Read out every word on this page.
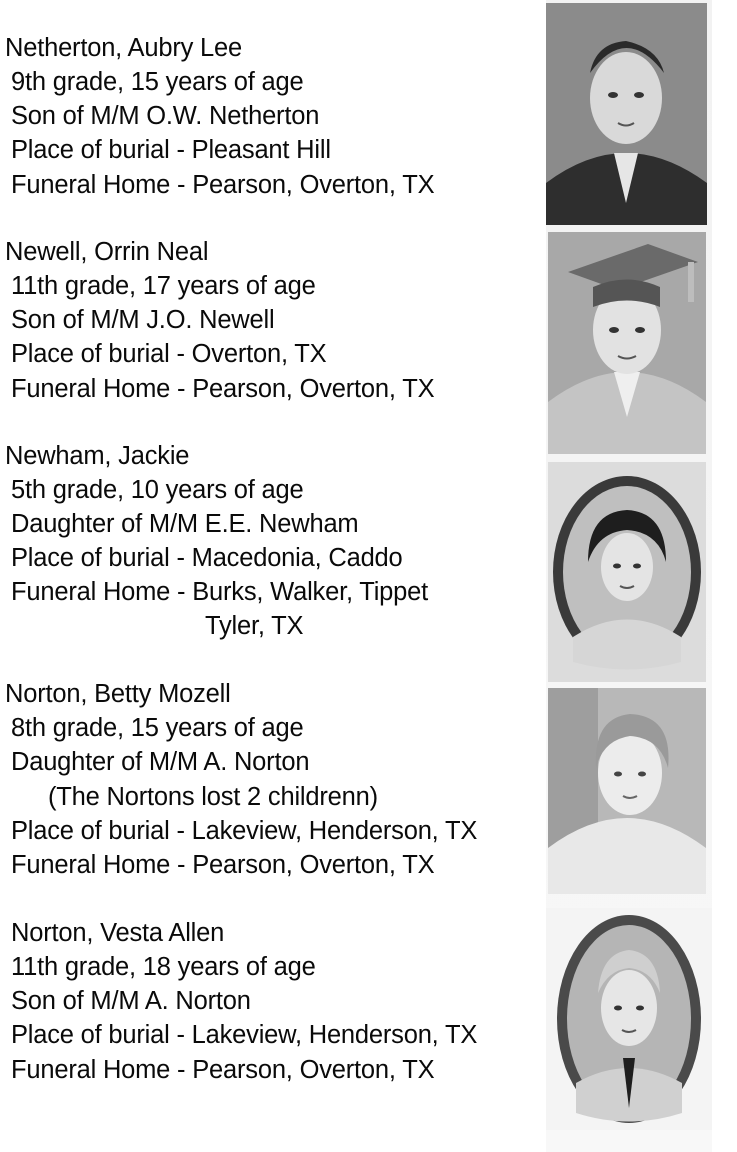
Netherton, Aubry Lee
9th grade, 15 years of age
Son of M/M O.W. Netherton
Place of burial - Pleasant Hill
Funeral Home - Pearson, Overton, TX
Newell, Orrin Neal
11th grade, 17 years of age
Son of M/M J.O. Newell
Place of burial - Overton, TX
Funeral Home - Pearson, Overton, TX
Newham, Jackie
5th grade, 10 years of age
Daughter of M/M E.E. Newham
Place of burial - Macedonia, Caddo
Funeral Home - Burks, Walker, Tippet
Tyler, TX
Norton, Betty Mozell
8th grade, 15 years of age
Daughter of M/M A. Norton
(The Nortons lost 2 childrenn)
Place of burial - Lakeview, Henderson, TX
Funeral Home - Pearson, Overton, TX
Norton, Vesta Allen
11th grade, 18 years of age
Son of M/M A. Norton
Place of burial - Lakeview, Henderson, TX
Funeral Home - Pearson, Overton, TX
